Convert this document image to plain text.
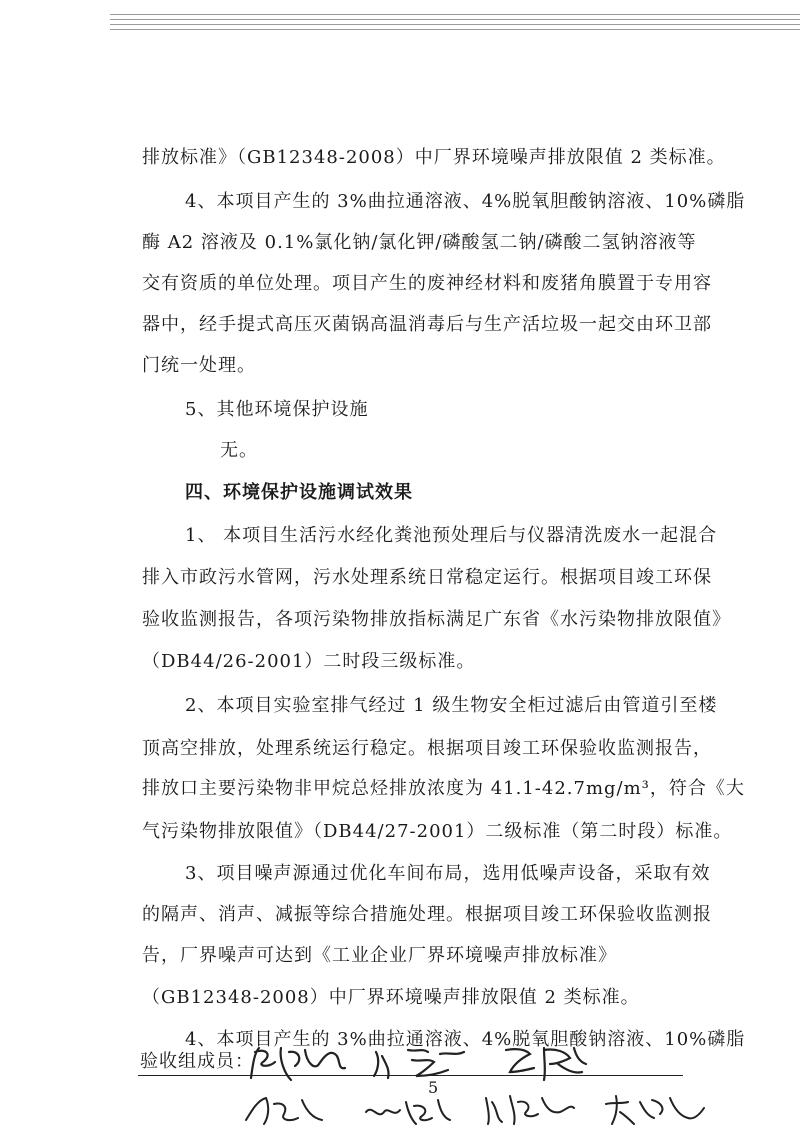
排放标准》（GB12348-2008）中厂界环境噪声排放限值 2 类标准。
4、本项目产生的 3%曲拉通溶液、4%脱氧胆酸钠溶液、10%磷脂
酶 A2 溶液及 0.1%氯化钠/氯化钾/磷酸氢二钠/磷酸二氢钠溶液等
交有资质的单位处理。项目产生的废神经材料和废猪角膜置于专用容
器中，经手提式高压灭菌锅高温消毒后与生产活垃圾一起交由环卫部
门统一处理。
5、其他环境保护设施
无。
四、环境保护设施调试效果
1、 本项目生活污水经化粪池预处理后与仪器清洗废水一起混合
排入市政污水管网，污水处理系统日常稳定运行。根据项目竣工环保
验收监测报告，各项污染物排放指标满足广东省《水污染物排放限值》
（DB44/26-2001）二时段三级标准。
2、本项目实验室排气经过 1 级生物安全柜过滤后由管道引至楼
顶高空排放，处理系统运行稳定。根据项目竣工环保验收监测报告，
排放口主要污染物非甲烷总烃排放浓度为 41.1-42.7mg/m³，符合《大
气污染物排放限值》（DB44/27-2001）二级标准（第二时段）标准。
3、项目噪声源通过优化车间布局，选用低噪声设备，采取有效
的隔声、消声、减振等综合措施处理。根据项目竣工环保验收监测报
告，厂界噪声可达到《工业企业厂界环境噪声排放标准》
（GB12348-2008）中厂界环境噪声排放限值 2 类标准。
4、本项目产生的 3%曲拉通溶液、4%脱氧胆酸钠溶液、10%磷脂
验收组成员：
5
